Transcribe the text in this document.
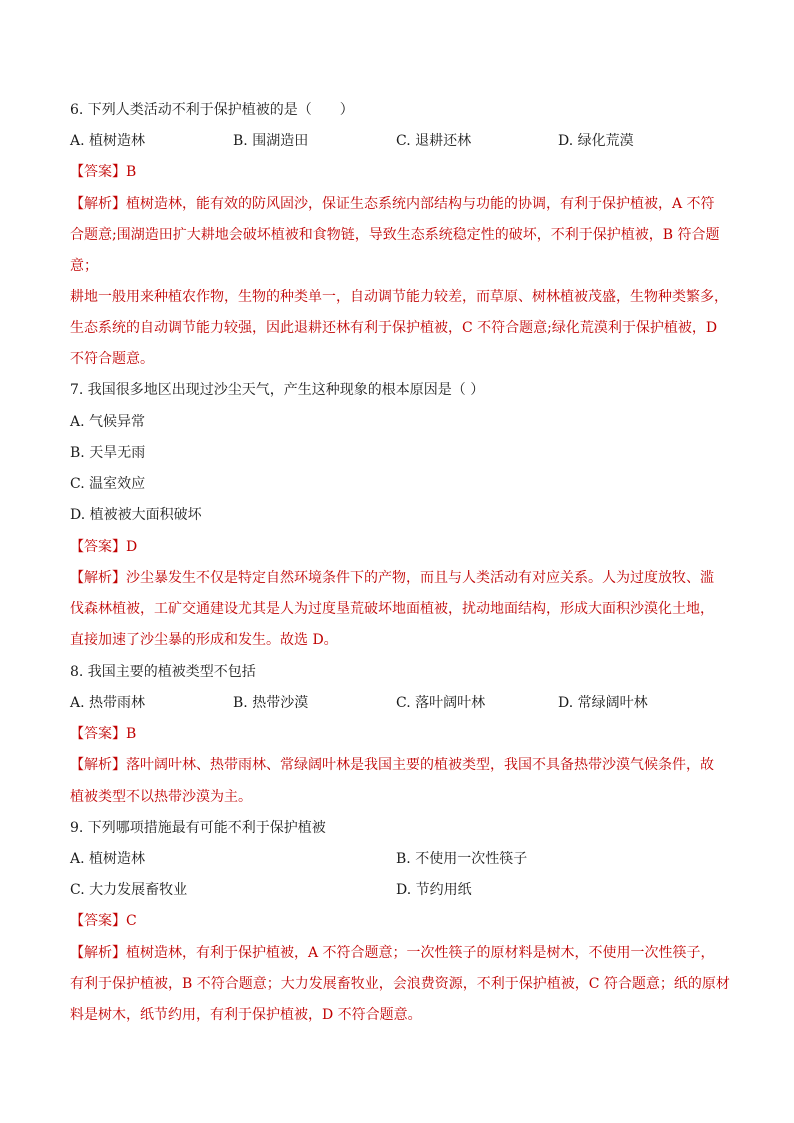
6. 下列人类活动不利于保护植被的是（　　）
A. 植树造林	B. 围湖造田	C. 退耕还林	D. 绿化荒漠
【答案】B
【解析】植树造林，能有效的防风固沙，保证生态系统内部结构与功能的协调，有利于保护植被，A 不符
合题意;围湖造田扩大耕地会破坏植被和食物链，导致生态系统稳定性的破坏，不利于保护植被，B 符合题
意；
耕地一般用来种植农作物，生物的种类单一，自动调节能力较差，而草原、树林植被茂盛，生物种类繁多，
生态系统的自动调节能力较强，因此退耕还林有利于保护植被，C 不符合题意;绿化荒漠利于保护植被，D
不符合题意。
7. 我国很多地区出现过沙尘天气，产生这种现象的根本原因是（ ）
A. 气候异常
B. 天旱无雨
C. 温室效应
D. 植被被大面积破坏
【答案】D
【解析】沙尘暴发生不仅是特定自然环境条件下的产物，而且与人类活动有对应关系。人为过度放牧、滥
伐森林植被，工矿交通建设尤其是人为过度垦荒破坏地面植被，扰动地面结构，形成大面积沙漠化土地，
直接加速了沙尘暴的形成和发生。故选 D。
8. 我国主要的植被类型不包括
A. 热带雨林	B. 热带沙漠	C. 落叶阔叶林	D. 常绿阔叶林
【答案】B
【解析】落叶阔叶林、热带雨林、常绿阔叶林是我国主要的植被类型，我国不具备热带沙漠气候条件，故
植被类型不以热带沙漠为主。
9. 下列哪项措施最有可能不利于保护植被
A. 植树造林	B. 不使用一次性筷子
C. 大力发展畜牧业	D. 节约用纸
【答案】C
【解析】植树造林，有利于保护植被，A 不符合题意；一次性筷子的原材料是树木，不使用一次性筷子，
有利于保护植被，B 不符合题意；大力发展畜牧业，会浪费资源，不利于保护植被，C 符合题意；纸的原材
料是树木，纸节约用，有利于保护植被，D 不符合题意。
